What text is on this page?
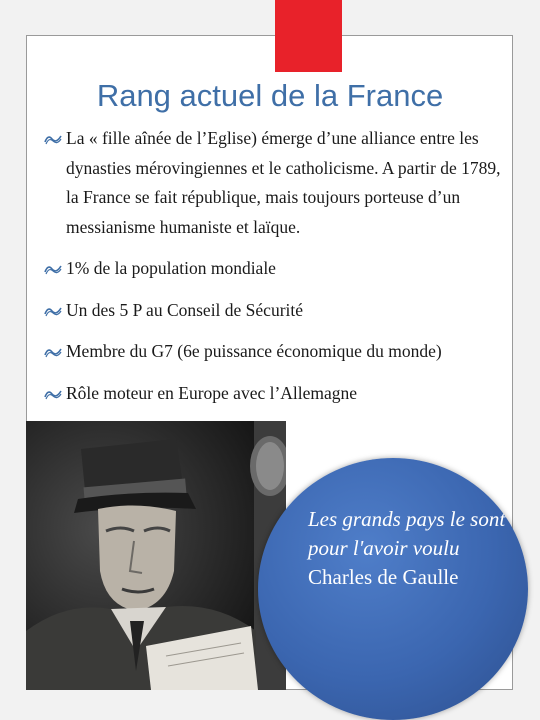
Rang actuel de la France
La « fille aînée de l’Eglise) émerge d’une alliance entre les dynasties mérovingiennes et le catholicisme. A partir de 1789, la France se fait république, mais toujours porteuse d’un messianisme humaniste et laïque.
1% de la population mondiale
Un des 5 P au Conseil de Sécurité
Membre du G7 (6e puissance économique du monde)
Rôle moteur en Europe avec l’Allemagne
Les grands pays le sont pour l'avoir voulu
Charles de Gaulle
